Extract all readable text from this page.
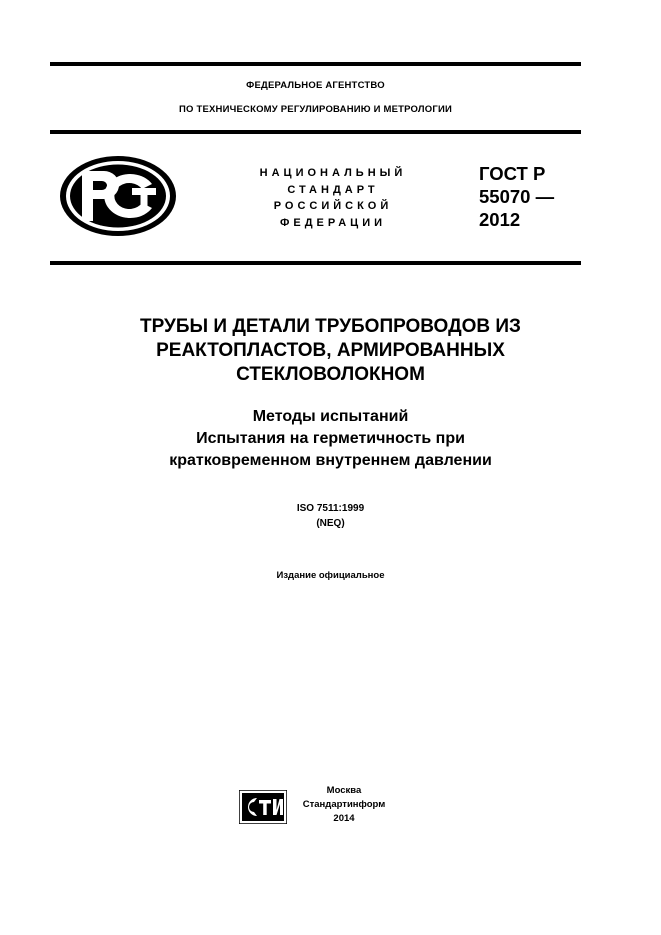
ФЕДЕРАЛЬНОЕ АГЕНТСТВО
ПО ТЕХНИЧЕСКОМУ РЕГУЛИРОВАНИЮ И МЕТРОЛОГИИ
НАЦИОНАЛЬНЫЙ
СТАНДАРТ
РОССИЙСКОЙ
ФЕДЕРАЦИИ
ГОСТ Р
55070 —
2012
ТРУБЫ И ДЕТАЛИ ТРУБОПРОВОДОВ ИЗ
РЕАКТОПЛАСТОВ, АРМИРОВАННЫХ
СТЕКЛОВОЛОКНОМ
Методы испытаний
Испытания на герметичность при
кратковременном внутреннем давлении
ISO 7511:1999
(NEQ)
Издание официальное
Москва
Стандартинформ
2014
